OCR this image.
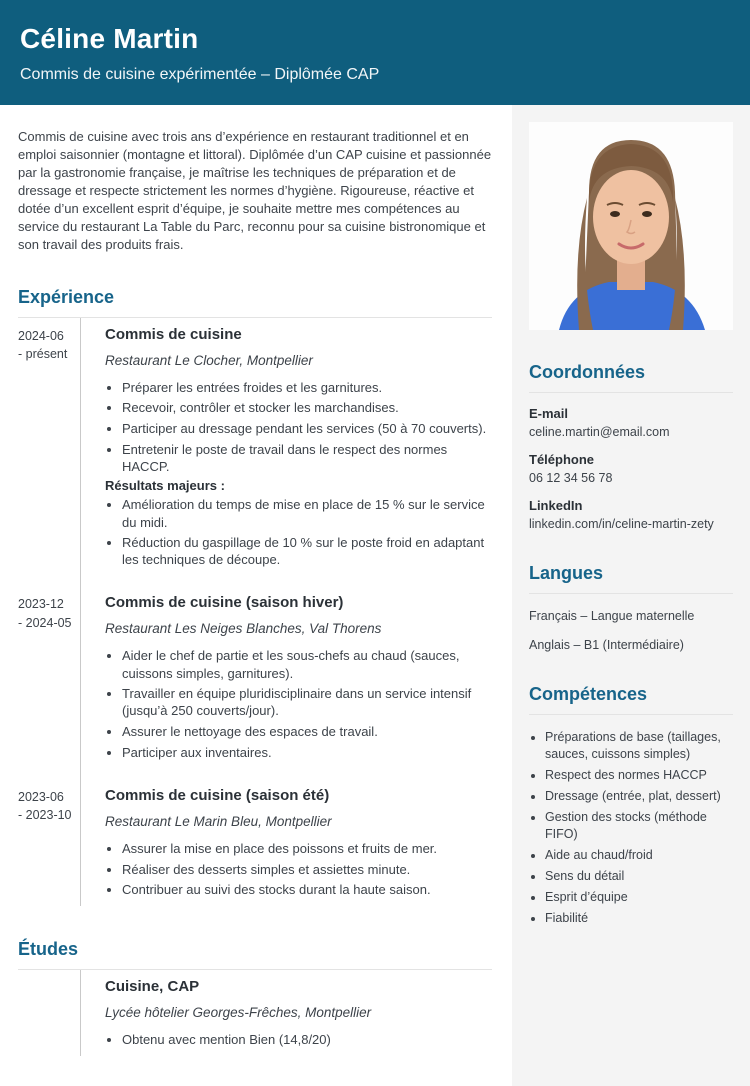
Céline Martin
Commis de cuisine expérimentée – Diplômée CAP

Commis de cuisine avec trois ans d’expérience en restaurant traditionnel et en emploi saisonnier (montagne et littoral). Diplômée d’un CAP cuisine et passionnée par la gastronomie française, je maîtrise les techniques de préparation et de dressage et respecte strictement les normes d’hygiène. Rigoureuse, réactive et dotée d’un excellent esprit d’équipe, je souhaite mettre mes compétences au service du restaurant La Table du Parc, reconnu pour sa cuisine bistronomique et son travail des produits frais.

Expérience
2024-06
- présent
Commis de cuisine

Restaurant Le Clocher, Montpellier

• Préparer les entrées froides et les garnitures.
• Recevoir, contrôler et stocker les marchandises.
• Participer au dressage pendant les services (50 à 70 couverts).
• Entretenir le poste de travail dans le respect des normes HACCP.

Résultats majeurs :

• Amélioration du temps de mise en place de 15 % sur le service du midi.
• Réduction du gaspillage de 10 % sur le poste froid en adaptant les techniques de découpe.
2023-12
- 2024-05
Commis de cuisine (saison hiver)

Restaurant Les Neiges Blanches, Val Thorens

• Aider le chef de partie et les sous-chefs au chaud (sauces, cuissons simples, garnitures).
• Travailler en équipe pluridisciplinaire dans un service intensif (jusqu’à 250 couverts/jour).
• Assurer le nettoyage des espaces de travail.
• Participer aux inventaires.
2023-06
- 2023-10
Commis de cuisine (saison été)

Restaurant Le Marin Bleu, Montpellier

• Assurer la mise en place des poissons et fruits de mer.
• Réaliser des desserts simples et assiettes minute.
• Contribuer au suivi des stocks durant la haute saison.
Études
Cuisine, CAP

Lycée hôtelier Georges-Frêches, Montpellier

• Obtenu avec mention Bien (14,8/20)
Coordonnées
E-mail
celine.martin@email.com
Téléphone
06 12 34 56 78
LinkedIn
linkedin.com/in/celine-martin-zety
Langues
Français – Langue maternelle
Anglais – B1 (Intermédiaire)
Compétences
• Préparations de base (taillages, sauces, cuissons simples)
• Respect des normes HACCP
• Dressage (entrée, plat, dessert)
• Gestion des stocks (méthode FIFO)
• Aide au chaud/froid
• Sens du détail
• Esprit d’équipe
• Fiabilité
